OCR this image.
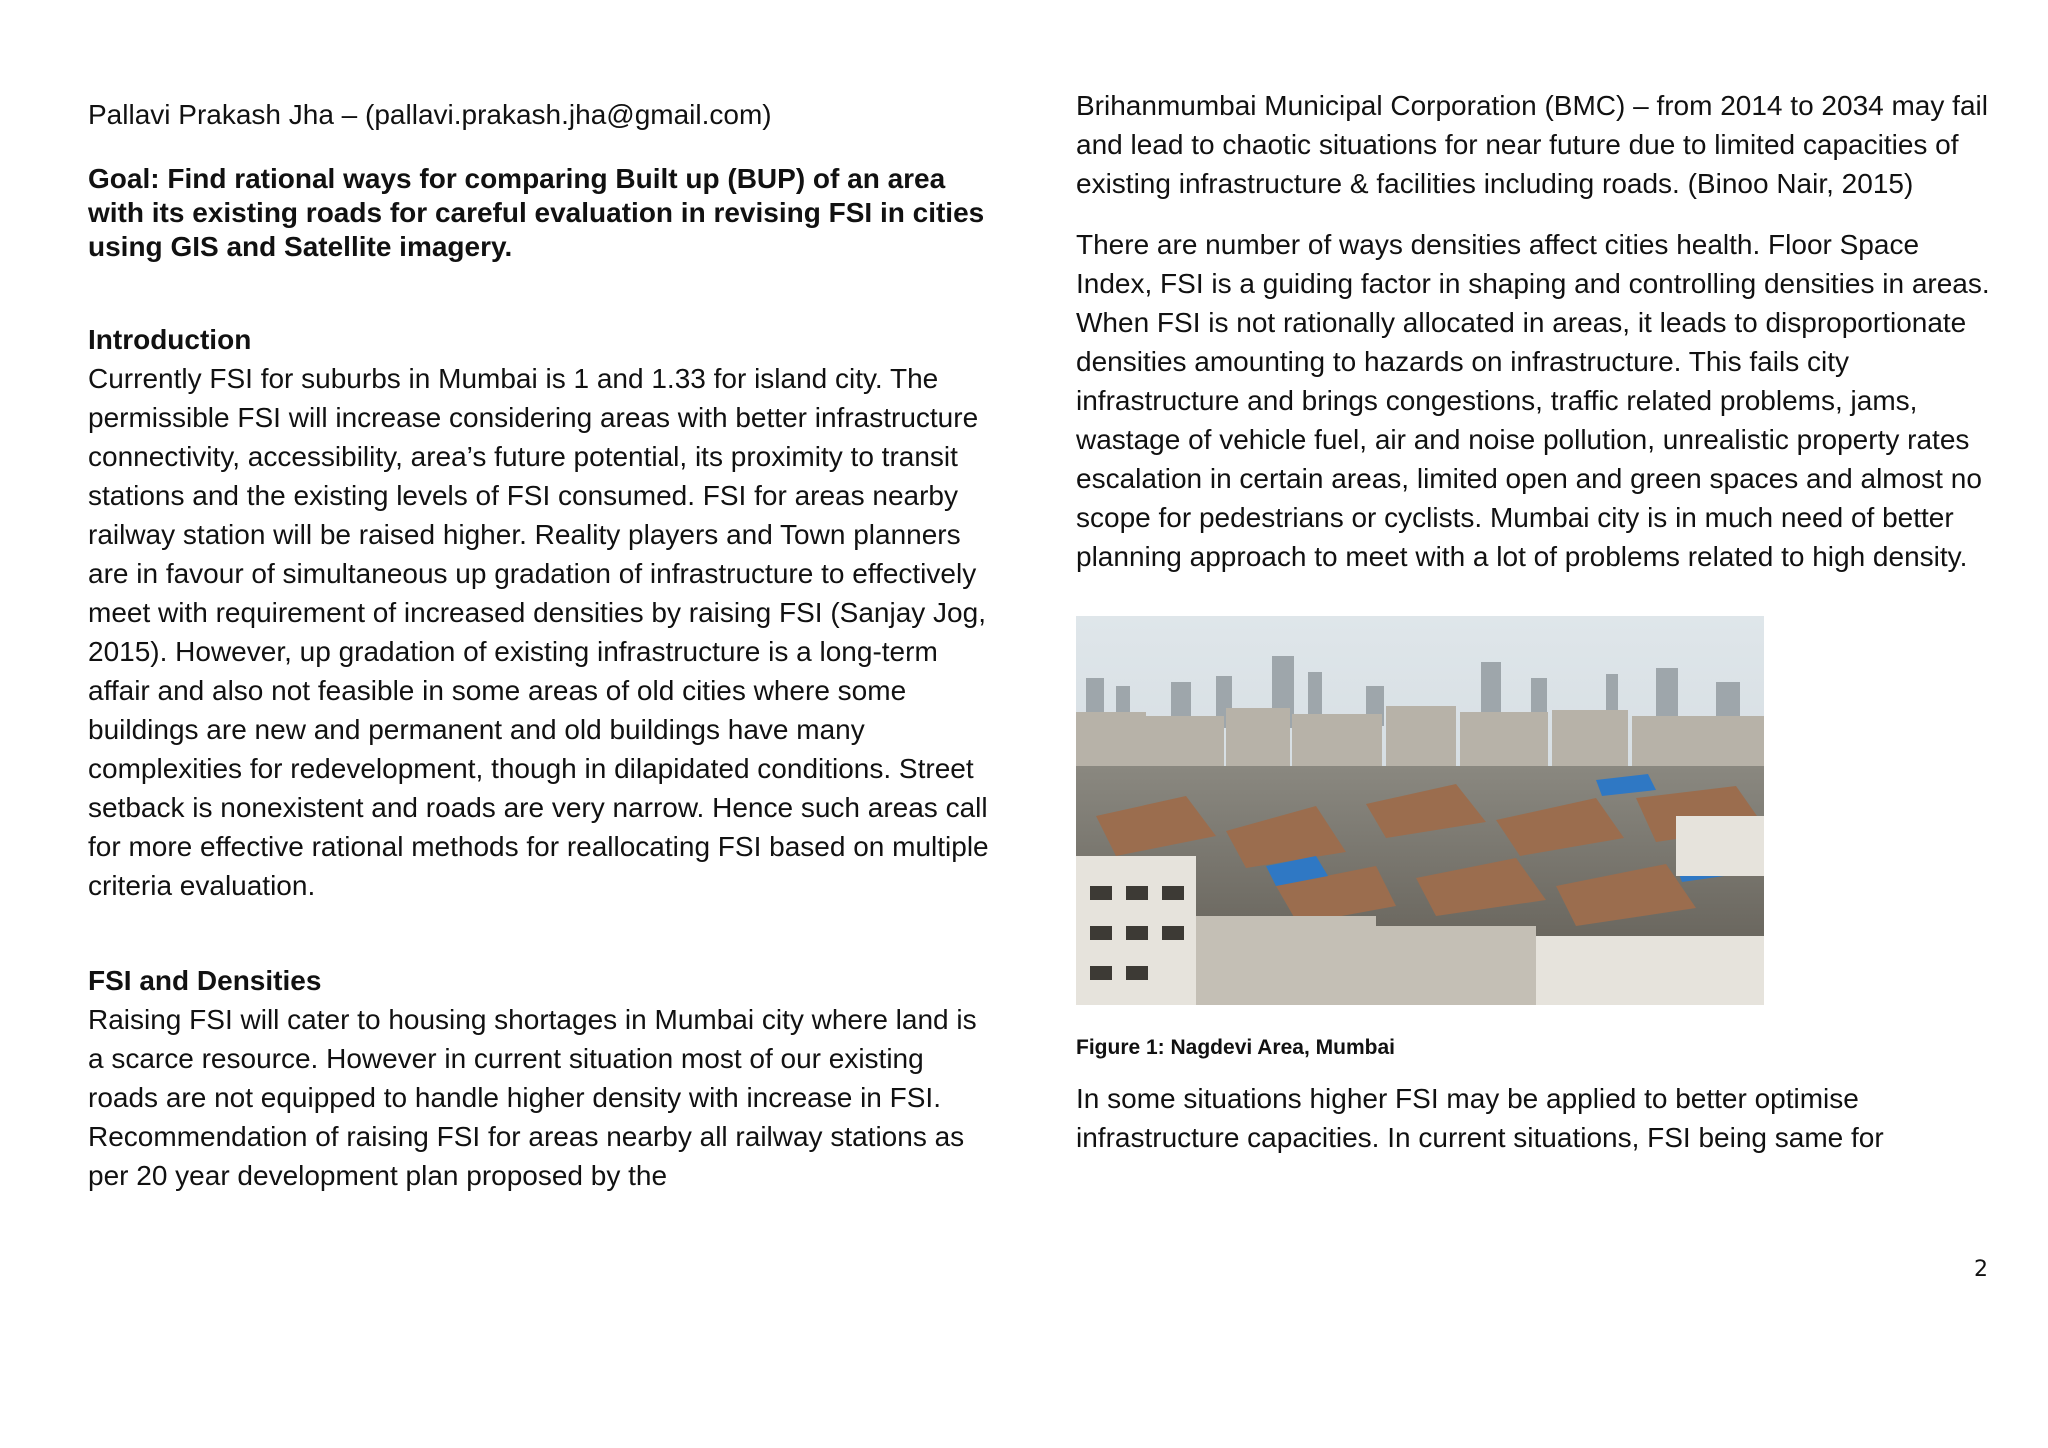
Pallavi Prakash Jha – (pallavi.prakash.jha@gmail.com)

Goal: Find rational ways for comparing Built up (BUP) of an area with its existing roads for careful evaluation in revising FSI in cities using GIS and Satellite imagery.

Introduction

Currently FSI for suburbs in Mumbai is 1 and 1.33 for island city. The permissible FSI will increase considering areas with better infrastructure connectivity, accessibility, area’s future potential, its proximity to transit stations and the existing levels of FSI consumed. FSI for areas nearby railway station will be raised higher. Reality players and Town planners are in favour of simultaneous up gradation of infrastructure to effectively meet with requirement of increased densities by raising FSI (Sanjay Jog, 2015). However, up gradation of existing infrastructure is a long-term affair and also not feasible in some areas of old cities where some buildings are new and permanent and old buildings have many complexities for redevelopment, though in dilapidated conditions. Street setback is nonexistent and roads are very narrow. Hence such areas call for more effective rational methods for reallocating FSI based on multiple criteria evaluation.

FSI and Densities

Raising FSI will cater to housing shortages in Mumbai city where land is a scarce resource. However in current situation most of our existing roads are not equipped to handle higher density with increase in FSI. Recommendation of raising FSI for areas nearby all railway stations as per 20 year development plan proposed by the

Brihanmumbai Municipal Corporation (BMC) – from 2014 to 2034 may fail and lead to chaotic situations for near future due to limited capacities of existing infrastructure & facilities including roads. (Binoo Nair, 2015)

There are number of ways densities affect cities health. Floor Space Index, FSI is a guiding factor in shaping and controlling densities in areas. When FSI is not rationally allocated in areas, it leads to disproportionate densities amounting to hazards on infrastructure. This fails city infrastructure and brings congestions, traffic related problems, jams, wastage of vehicle fuel, air and noise pollution, unrealistic property rates escalation in certain areas, limited open and green spaces and almost no scope for pedestrians or cyclists. Mumbai city is in much need of better planning approach to meet with a lot of problems related to high density.

Figure 1: Nagdevi Area, Mumbai

In some situations higher FSI may be applied to better optimise infrastructure capacities. In current situations, FSI being same for

2
